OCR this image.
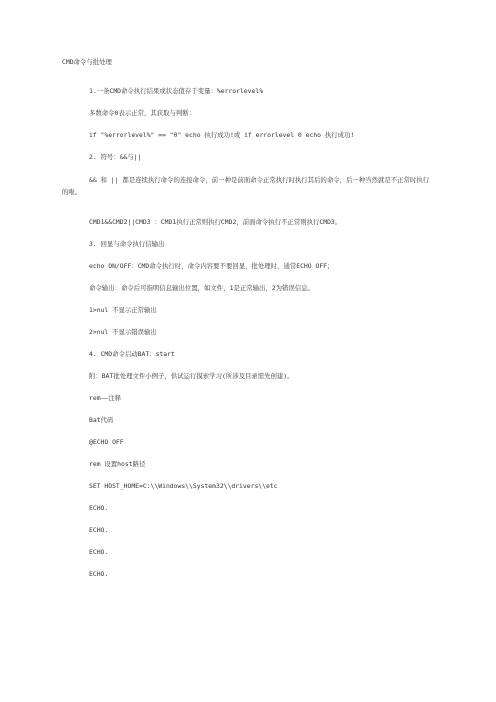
CMD命令与批处理
1.一条CMD命令执行结果或状态值存于变量：%errorlevel%
多数命令0表示正常，其获取与判断：
if "%errorlevel%" == "0" echo 执行成功!或 if errorlevel 0 echo 执行成功!
2. 符号：&&与||
&& 和 || 都是连续执行命令的连接命令，前一种是前面命令正常执行时执行其后的命令，后一种当然就是不正常时执行的啦。
CMD1&&CMD2||CMD3 ：CMD1执行正常则执行CMD2，前面命令执行不正常则执行CMD3。
3. 回显与命令执行信输出
echo ON/OFF：CMD命令执行时，命令内容要不要回显，批处理时，通常ECHO OFF；
命令输出：命令后可指明信息输出位置，如文件，1是正常输出，2为错误信息。
1>nul 不显示正常输出
2>nul 不显示错误输出
4. CMD命令启动BAT：start
附：BAT批处理文件小例子，供试运行摸索学习(所涉及目录需先创建)。
rem——注释
Bat代码
@ECHO OFF
rem 设置host路径
SET HOST_HOME=C:\\Windows\\System32\\drivers\\etc
ECHO.
ECHO.
ECHO.
ECHO.
